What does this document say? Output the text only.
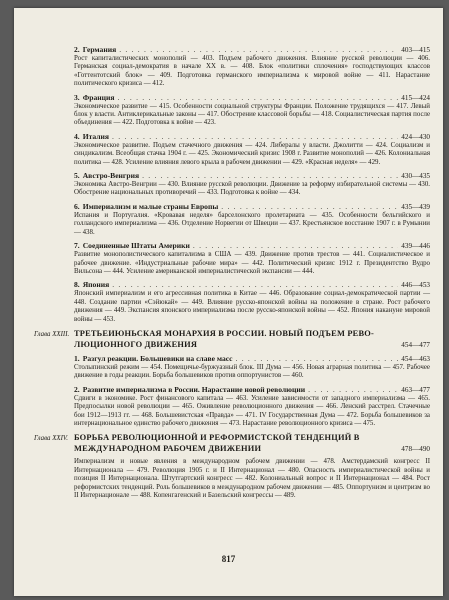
2. Германия . . .	403—415
Рост капиталистических монополий — 403. Подъем рабочего движения. Влияние русской революции — 406. Германская социал-демократия в начале XX в. — 408. Блок «политики сплочения» господствующих классов «Готтентотский блок» — 409. Подготовка германского империализма к мировой войне — 411. Нарастание политического кризиса — 412.
3. Франция . . .	415—424
Экономическое развитие — 415. Особенности социальной структуры Франции. Положение трудящихся — 417. Левый блок у власти. Антиклерикальные законы — 417. Обострение классовой борьбы — 418. Социалистическая партия после объединения — 422. Подготовка к войне — 423.
4. Италия . . .	424—430
Экономическое развитие. Подъем стачечного движения — 424. Либералы у власти. Джолитти — 424. Социализм и синдикализм. Всеобщая стачка 1904 г. — 425. Экономический кризис 1908 г. Развитие монополий — 426. Колониальная политика — 428. Усиление влияния левого крыла в рабочем движении — 429. «Красная неделя» — 429.
5. Австро-Венгрия . . .	430—435
Экономика Австро-Венгрии — 430. Влияние русской революции. Движение за реформу избирательной системы — 430. Обострение национальных противоречий — 433. Подготовка к войне — 434.
6. Империализм и малые страны Европы . . .	435—439
Испания и Португалия. «Кровавая неделя» барселонского пролетариата — 435. Особенности бельгийского и голландского империализма — 436. Отделение Норвегии от Швеции — 437. Крестьянское восстание 1907 г. в Румынии — 438.
7. Соединенные Штаты Америки . . .	439—446
Развитие монополистического капитализма в США — 439. Движение против трестов — 441. Социалистическое и рабочее движение. «Индустриальные рабочие мира» — 442. Политический кризис 1912 г. Президентство Вудро Вильсона — 444. Усиление американской империалистической экспансии — 444.
8. Япония . . .	446—453
Японский империализм и его агрессивная политика в Китае — 446. Образование социал-демократической партии — 448. Создание партии «Сэйюкай» — 449. Влияние русско-японской войны на положение в стране. Рост рабочего движения — 449. Экспансия японского империализма после русско-японской войны — 452. Япония накануне мировой войны — 453.
Глава XXIII. ТРЕТЬЕИЮНЬСКАЯ МОНАРХИЯ В РОССИИ. НОВЫЙ ПОДЪЕМ РЕВО-
ЛЮЦИОННОГО ДВИЖЕНИЯ	454—477
1. Разгул реакции. Большевики на славе масс . . .	454—463
Столыпинский режим — 454. Помещичье-буржуазный блок. III Дума — 456. Новая аграрная политика — 457. Рабочее движение в годы реакции. Борьба большевиков против оппортунистов — 460.
2. Развитие империализма в России. Нарастание новой революции . . .	463—477
Сдвиги в экономике. Рост финансового капитала — 463. Усиление зависимости от западного империализма — 465. Предпосылки новой революции — 465. Оживление революционного движения — 466. Ленский расстрел. Стачечные бои 1912—1913 гг. — 468. Большевистская «Правда» — 471. IV Государственная Дума — 472. Борьба большевиков за интернациональное единство рабочего движения — 473. Нарастание революционного кризиса — 475.
Глава XXIV. БОРЬБА РЕВОЛЮЦИОННОЙ И РЕФОРМИСТСКОЙ ТЕНДЕНЦИЙ В
МЕЖДУНАРОДНОМ РАБОЧЕМ ДВИЖЕНИИ	478—490
Империализм и новые явления в международном рабочем движении — 478. Амстердамский конгресс II Интернационала — 479. Революция 1905 г. и II Интернационал — 480. Опасность империалистической войны и позиция II Интернационала. Штутгартский конгресс — 482. Колониальный вопрос и II Интернационал — 484. Рост реформистских тенденций. Роль большевиков в международном рабочем движении — 485. Оппортунизм и центризм во II Интернационале — 488. Копенгагенский и Базельский конгрессы — 489.
817
